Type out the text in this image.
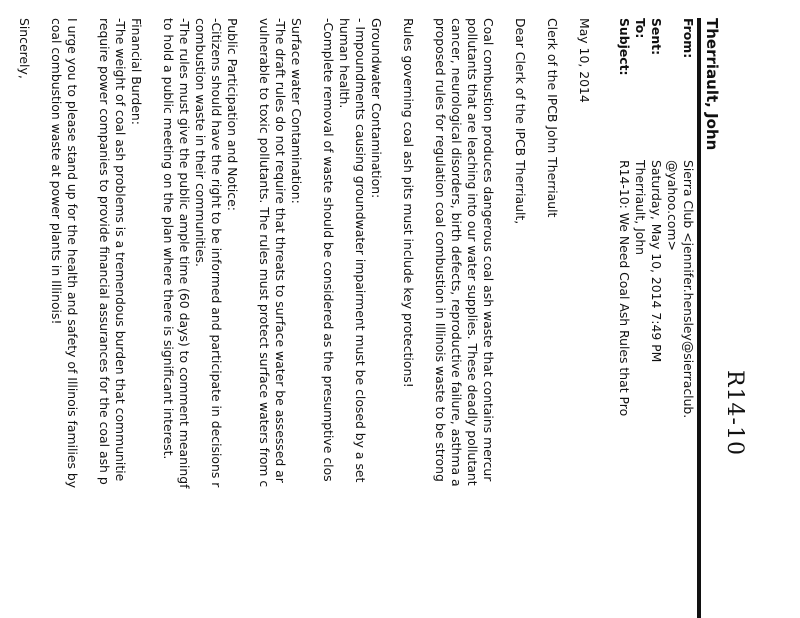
R14-10
Therriault, John
From:
Sierra Club <jennifer.hensley@sierraclub.
@yahoo.com>
Sent:
Saturday, May 10, 2014 7:49 PM
To:
Therriault, John
Subject:
R14-10: We Need Coal Ash Rules that Pro
May 10, 2014
Clerk of the IPCB John Therriault
Dear Clerk of the IPCB Therriault,
Coal combustion produces dangerous coal ash waste that contains mercur
pollutants that are leaching into our water supplies. These deadly pollutant
cancer, neurological disorders, birth defects, reproductive failure, asthma a
proposed rules for regulation coal combustion in Illinois waste to be strong
Rules governing coal ash pits must include key protections!
Groundwater Contamination:
- Impoundments causing groundwater impairment must be closed by a set
human health.
-Complete removal of waste should be considered as the presumptive clos
Surface water Contamination:
-The draft rules do not require that threats to surface water be assessed ar
vulnerable to toxic pollutants. The rules must protect surface waters from c
Public Participation and Notice:
-Citizens should have the right to be informed and participate in decisions r
combustion waste in their communities.
-The rules must give the public ample time (60 days) to comment meaningf
to hold a public meeting on the plan where there is significant interest.
Financial Burden:
-The weight of coal ash problems is a tremendous burden that communitie
require power companies to provide financial assurances for the coal ash p
I urge you to please stand up for the health and safety of Illinois families by
coal combustion waste at power plants in Illinois!
Sincerely,
